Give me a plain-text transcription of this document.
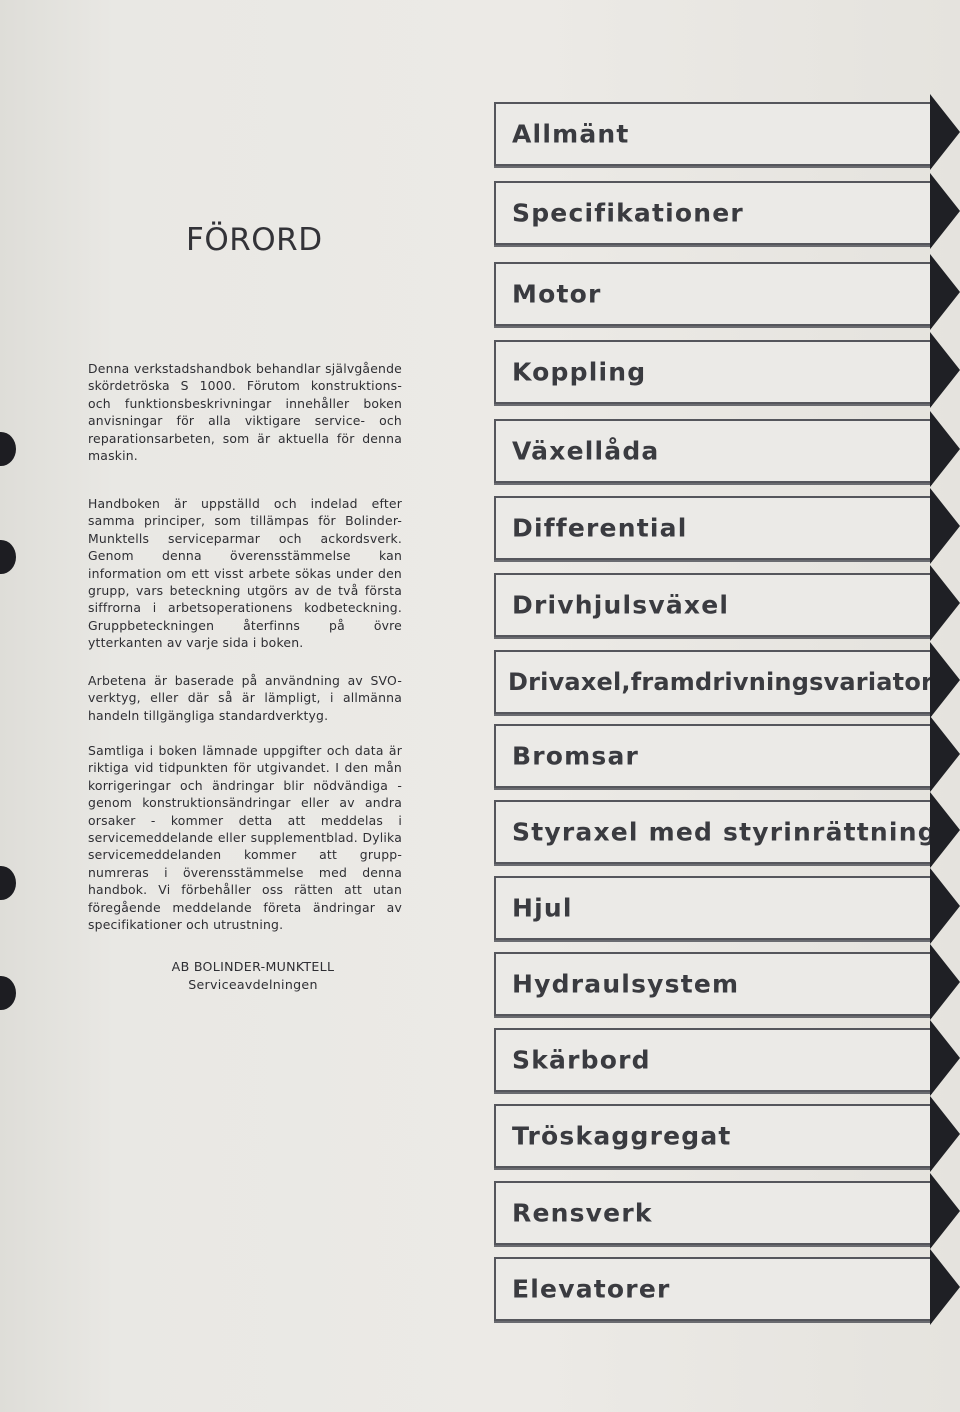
FÖRORD

Denna verkstadshandbok behandlar självgående skördetröska S 1000. Förutom konstruktions- och funktionsbeskrivningar innehåller boken anvisningar för alla viktigare service- och reparationsarbeten, som är aktuella för denna maskin.

Handboken är uppställd och indelad efter samma principer, som tillämpas för Bolinder-Munktells serviceparmar och ackordsverk. Genom denna överensstämmelse kan information om ett visst arbete sökas under den grupp, vars beteckning utgörs av de två första siffrorna i arbetsoperationens kodbeteckning. Gruppbeteckningen återfinns på övre ytterkanten av varje sida i boken.

Arbetena är baserade på användning av SVO-verktyg, eller där så är lämpligt, i allmänna handeln tillgängliga standardverktyg.

Samtliga i boken lämnade uppgifter och data är riktiga vid tidpunkten för utgivandet. I den mån korrigeringar och ändringar blir nödvändiga - genom konstruktionsändringar eller av andra orsaker - kommer detta att meddelas i servicemeddelande eller supplementblad. Dylika servicemeddelanden kommer att grupp-numreras i överensstämmelse med denna handbok. Vi förbehåller oss rätten att utan föregående meddelande företa ändringar av specifikationer och utrustning.

AB BOLINDER-MUNKTELL
Serviceavdelningen
Allmänt
Specifikationer
Motor
Koppling
Växellåda
Differential
Drivhjulsväxel
Drivaxel,framdrivningsvariator
Bromsar
Styraxel med styrinrättning
Hjul
Hydraulsystem
Skärbord
Tröskaggregat
Rensverk
Elevatorer
